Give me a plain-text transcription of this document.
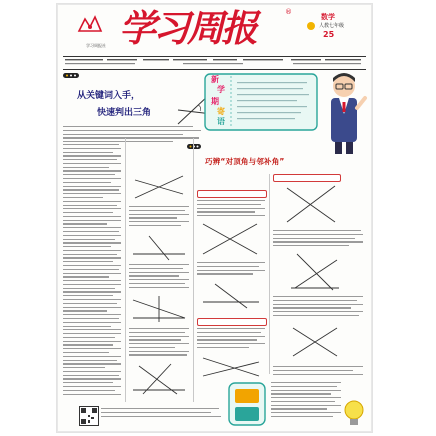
学习周报	®
学习周报社
数学
人教七年级
25
从关键词入手，
快速判出三角
新
学
期
寄
语
巧辨“对顶角与邻补角”
